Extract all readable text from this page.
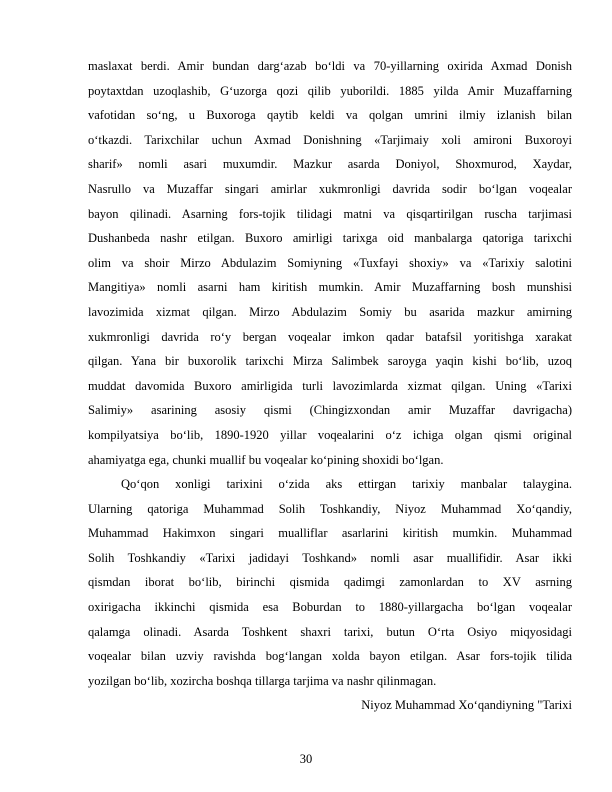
maslaxat berdi. Amir bundan darg‘azab bo‘ldi va 70-yillarning oxirida Axmad Donish
poytaxtdan uzoqlashib, G‘uzorga qozi qilib yuborildi. 1885 yilda Amir Muzaffarning
vafotidan so‘ng, u Buxoroga qaytib keldi va qolgan umrini ilmiy izlanish bilan
o‘tkazdi. Tarixchilar uchun Axmad Donishning «Tarjimaiy xoli amironi Buxoroyi
sharif» nomli asari muxumdir. Mazkur asarda Doniyol, Shoxmurod, Xaydar,
Nasrullo va Muzaffar singari amirlar xukmronligi davrida sodir bo‘lgan voqealar
bayon qilinadi. Asarning fors-tojik tilidagi matni va qisqartirilgan ruscha tarjimasi
Dushanbeda nashr etilgan. Buxoro amirligi tarixga oid manbalarga qatoriga tarixchi
olim va shoir Mirzo Abdulazim Somiyning «Tuxfayi shoxiy» va «Tarixiy salotini
Mangitiya» nomli asarni ham kiritish mumkin. Amir Muzaffarning bosh munshisi
lavozimida xizmat qilgan. Mirzo Abdulazim Somiy bu asarida mazkur amirning
xukmronligi davrida ro‘y bergan voqealar imkon qadar batafsil yoritishga xarakat
qilgan. Yana bir buxorolik tarixchi Mirza Salimbek saroyga yaqin kishi bo‘lib, uzoq
muddat davomida Buxoro amirligida turli lavozimlarda xizmat qilgan. Uning «Tarixi
Salimiy» asarining asosiy qismi (Chingizxondan amir Muzaffar davrigacha)
kompilyatsiya bo‘lib, 1890-1920 yillar voqealarini o‘z ichiga olgan qismi original
ahamiyatga ega, chunki muallif bu voqealar ko‘pining shoxidi bo‘lgan.
Qo‘qon xonligi tarixini o‘zida aks ettirgan tarixiy manbalar talaygina.
Ularning qatoriga Muhammad Solih Toshkandiy, Niyoz Muhammad Xo‘qandiy,
Muhammad Hakimxon singari mualliflar asarlarini kiritish mumkin. Muhammad
Solih Toshkandiy «Tarixi jadidayi Toshkand» nomli asar muallifidir. Asar ikki
qismdan iborat bo‘lib, birinchi qismida qadimgi zamonlardan to XV asrning
oxirigacha ikkinchi qismida esa Boburdan to 1880-yillargacha bo‘lgan voqealar
qalamga olinadi. Asarda Toshkent shaxri tarixi, butun O‘rta Osiyo miqyosidagi
voqealar bilan uzviy ravishda bog‘langan xolda bayon etilgan. Asar fors-tojik tilida
yozilgan bo‘lib, xozircha boshqa tillarga tarjima va nashr qilinmagan.
Niyoz Muhammad Xo‘qandiyning "Tarixi
30
